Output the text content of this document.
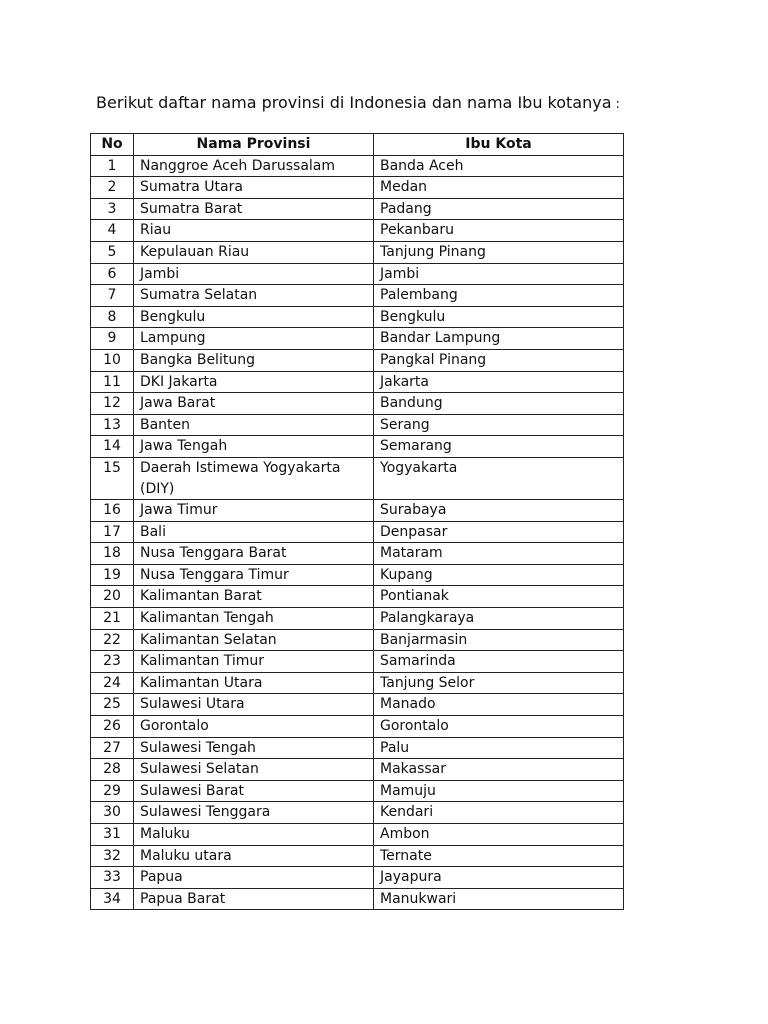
Berikut daftar nama provinsi di Indonesia dan nama Ibu kotanya :
No	Nama Provinsi	Ibu Kota
1	Nanggroe Aceh Darussalam	Banda Aceh
2	Sumatra Utara	Medan
3	Sumatra Barat	Padang
4	Riau	Pekanbaru
5	Kepulauan Riau	Tanjung Pinang
6	Jambi	Jambi
7	Sumatra Selatan	Palembang
8	Bengkulu	Bengkulu
9	Lampung	Bandar Lampung
10	Bangka Belitung	Pangkal Pinang
11	DKI Jakarta	Jakarta
12	Jawa Barat	Bandung
13	Banten	Serang
14	Jawa Tengah	Semarang
15	Daerah Istimewa Yogyakarta (DIY)	Yogyakarta
16	Jawa Timur	Surabaya
17	Bali	Denpasar
18	Nusa Tenggara Barat	Mataram
19	Nusa Tenggara Timur	Kupang
20	Kalimantan Barat	Pontianak
21	Kalimantan Tengah	Palangkaraya
22	Kalimantan Selatan	Banjarmasin
23	Kalimantan Timur	Samarinda
24	Kalimantan Utara	Tanjung Selor
25	Sulawesi Utara	Manado
26	Gorontalo	Gorontalo
27	Sulawesi Tengah	Palu
28	Sulawesi Selatan	Makassar
29	Sulawesi Barat	Mamuju
30	Sulawesi Tenggara	Kendari
31	Maluku	Ambon
32	Maluku utara	Ternate
33	Papua	Jayapura
34	Papua Barat	Manukwari
